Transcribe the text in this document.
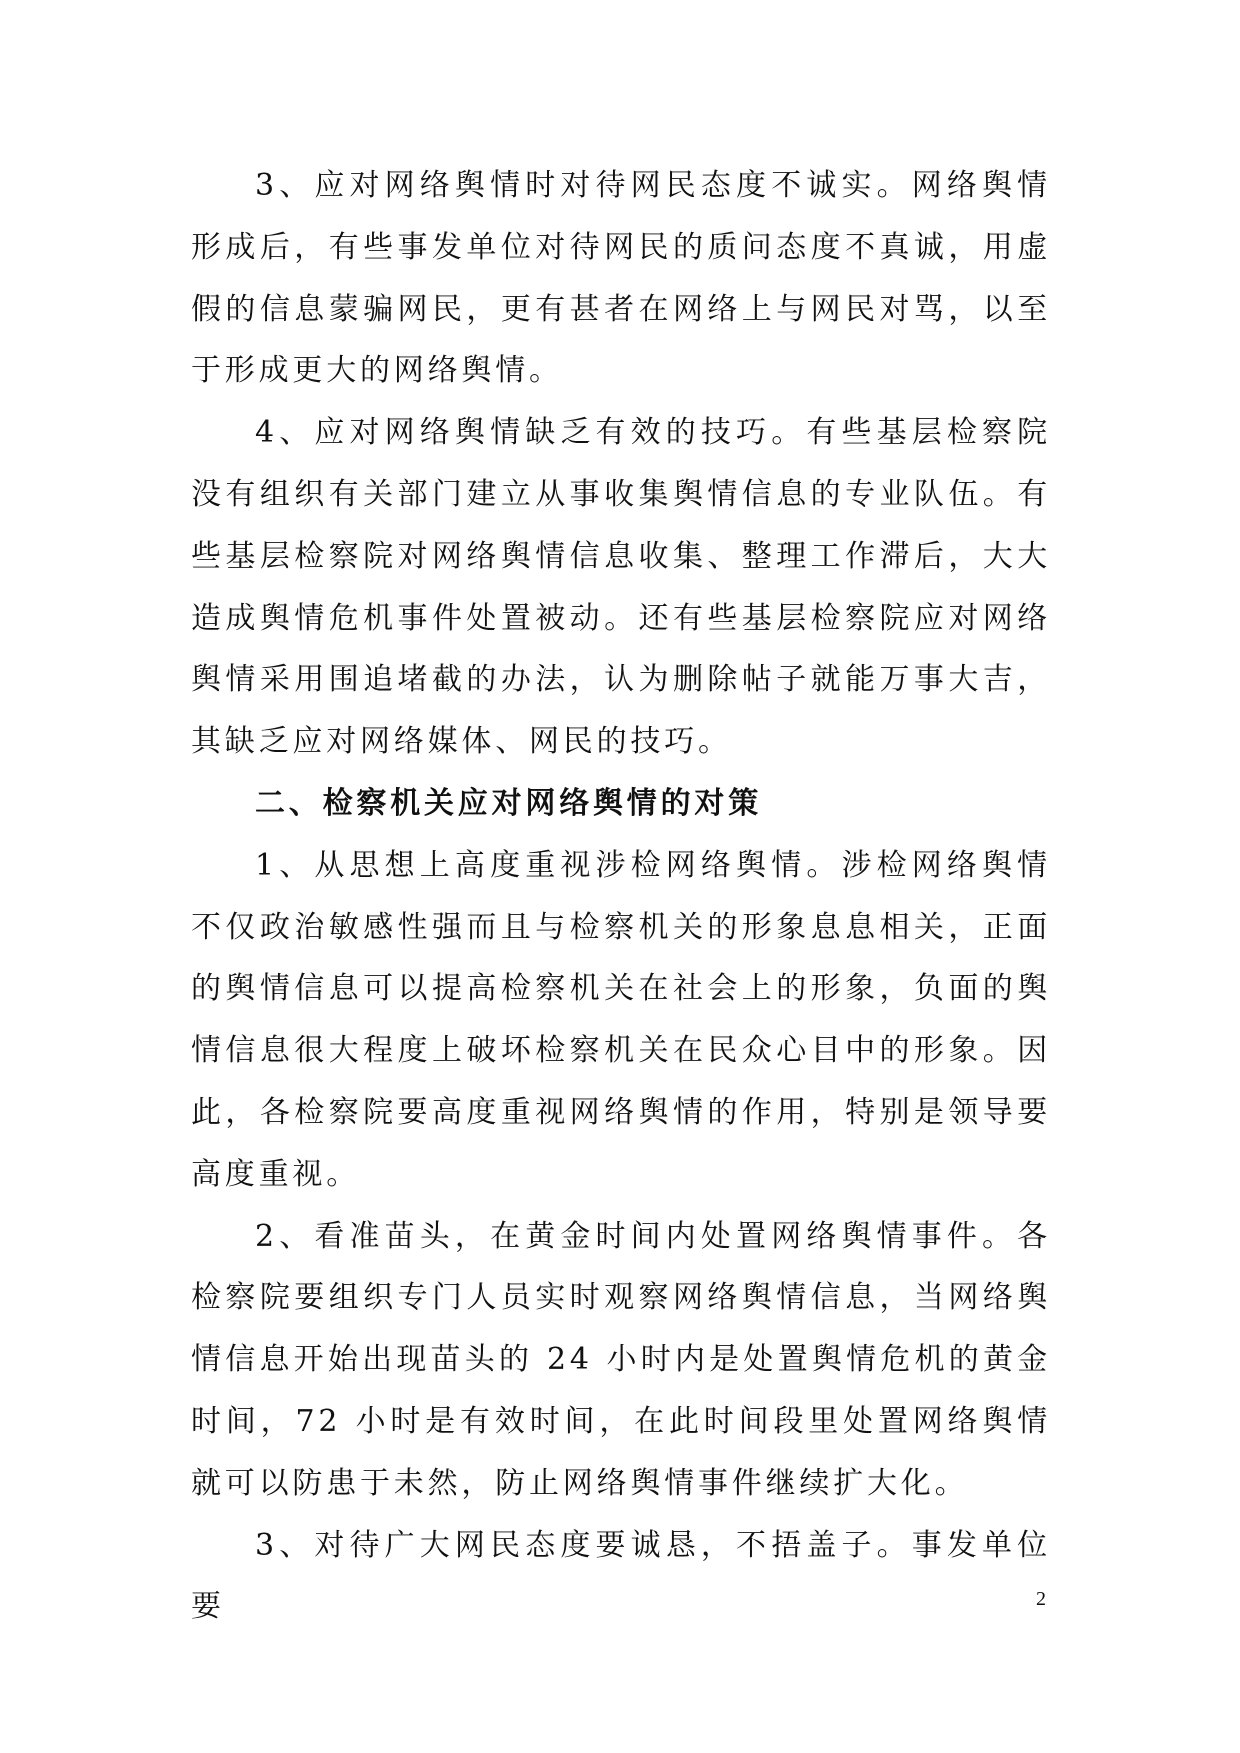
3、应对网络舆情时对待网民态度不诚实。网络舆情形成后，有些事发单位对待网民的质问态度不真诚，用虚假的信息蒙骗网民，更有甚者在网络上与网民对骂，以至于形成更大的网络舆情。

4、应对网络舆情缺乏有效的技巧。有些基层检察院没有组织有关部门建立从事收集舆情信息的专业队伍。有些基层检察院对网络舆情信息收集、整理工作滞后，大大造成舆情危机事件处置被动。还有些基层检察院应对网络舆情采用围追堵截的办法，认为删除帖子就能万事大吉，其缺乏应对网络媒体、网民的技巧。

二、检察机关应对网络舆情的对策

1、从思想上高度重视涉检网络舆情。涉检网络舆情不仅政治敏感性强而且与检察机关的形象息息相关，正面的舆情信息可以提高检察机关在社会上的形象，负面的舆情信息很大程度上破坏检察机关在民众心目中的形象。因此，各检察院要高度重视网络舆情的作用，特别是领导要高度重视。

2、看准苗头，在黄金时间内处置网络舆情事件。各检察院要组织专门人员实时观察网络舆情信息，当网络舆情信息开始出现苗头的 24 小时内是处置舆情危机的黄金时间，72 小时是有效时间，在此时间段里处置网络舆情就可以防患于未然，防止网络舆情事件继续扩大化。

3、对待广大网民态度要诚恳，不捂盖子。事发单位要	2
